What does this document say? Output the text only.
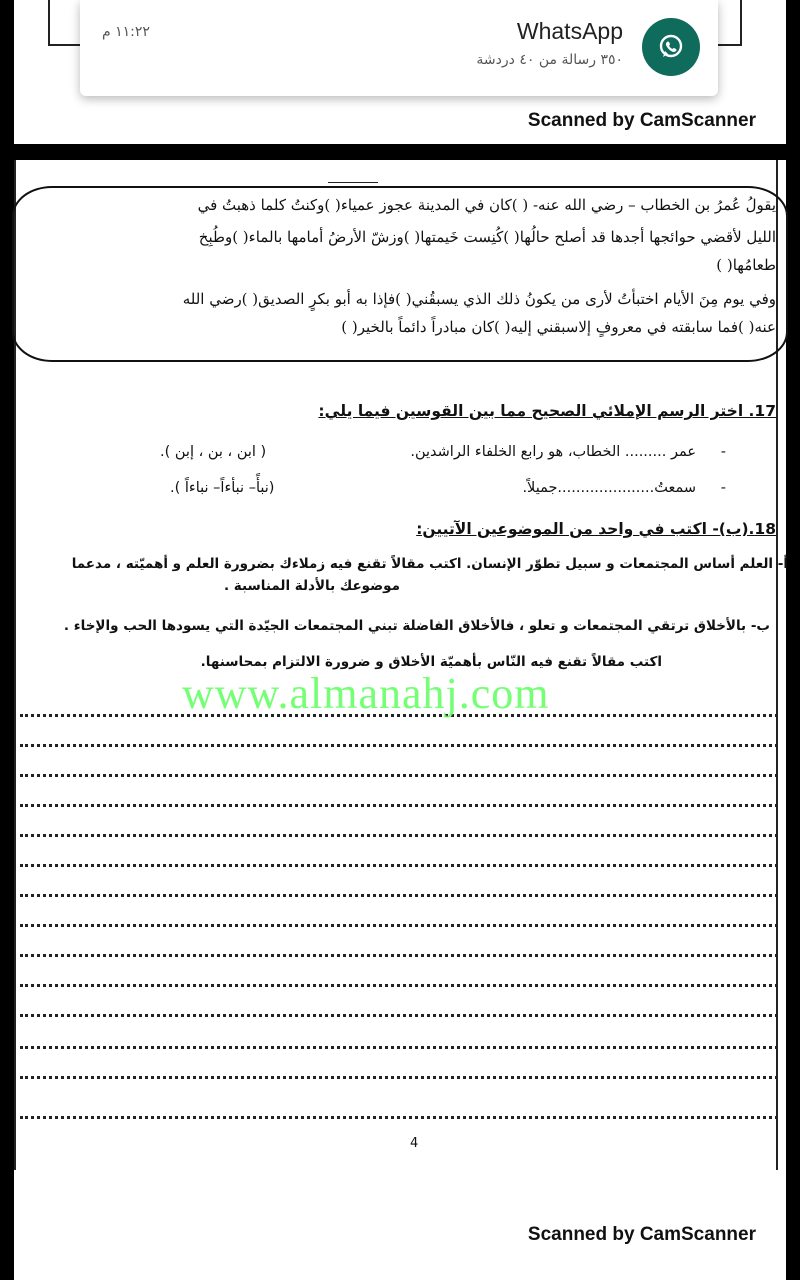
Scanned by CamScanner
WhatsApp
٣٥٠ رسالة من ٤٠ دردشة
١١:٢٢ م
Scanned by CamScanner
4
يقولُ عُمرُ بن الخطاب – رضي الله عنه- ( )كان في المدينة عجوز عمياء( )وكنتُ كلما ذهبتُ في
الليل لأقضي حوائجها أجدها قد أصلح حالُها( )كُنِست خَيمتها( )وزشّ الأرضُ أمامها بالماء( )وطُبِخ
طعامُها( )
وفي يوم مِنَ الأيام اختبأتُ لأرى من يكونُ ذلك الذي يسبقُني( )فإذا به أبو بكرٍ الصديق( )رضي الله
عنه( )فما سابقته في معروفٍ إلاسبقني إليه( )كان مبادراً دائماً بالخير( )
17. اختر الرسم الإملائي الصحيح مما بين القوسين فيما يلي:
-
عمر ......... الخطاب، هو رابع الخلفاء الراشدين.
( ابن ، بن ، إبن ).
-
سمعتُ.....................جميلاً.
(نبأً– نبأءاً– نباءاً ).
18.(ب)- اكتب في واحد من الموضوعين الآتيين:
أ- العلم أساس المجتمعات و سبيل تطوّر الإنسان. اكتب مقالاً تقنع فيه زملاءك بضرورة العلم و أهميّته ، مدعما
موضوعك بالأدلة المناسبة .
ب- بالأخلاق ترتقي المجتمعات و تعلو ، فالأخلاق الفاضلة تبني المجتمعات الجيّدة التي يسودها الحب والإخاء .
اكتب مقالاً تقنع فيه النّاس بأهميّة الأخلاق و ضرورة الالتزام بمحاسنها.
www.almanahj.com
